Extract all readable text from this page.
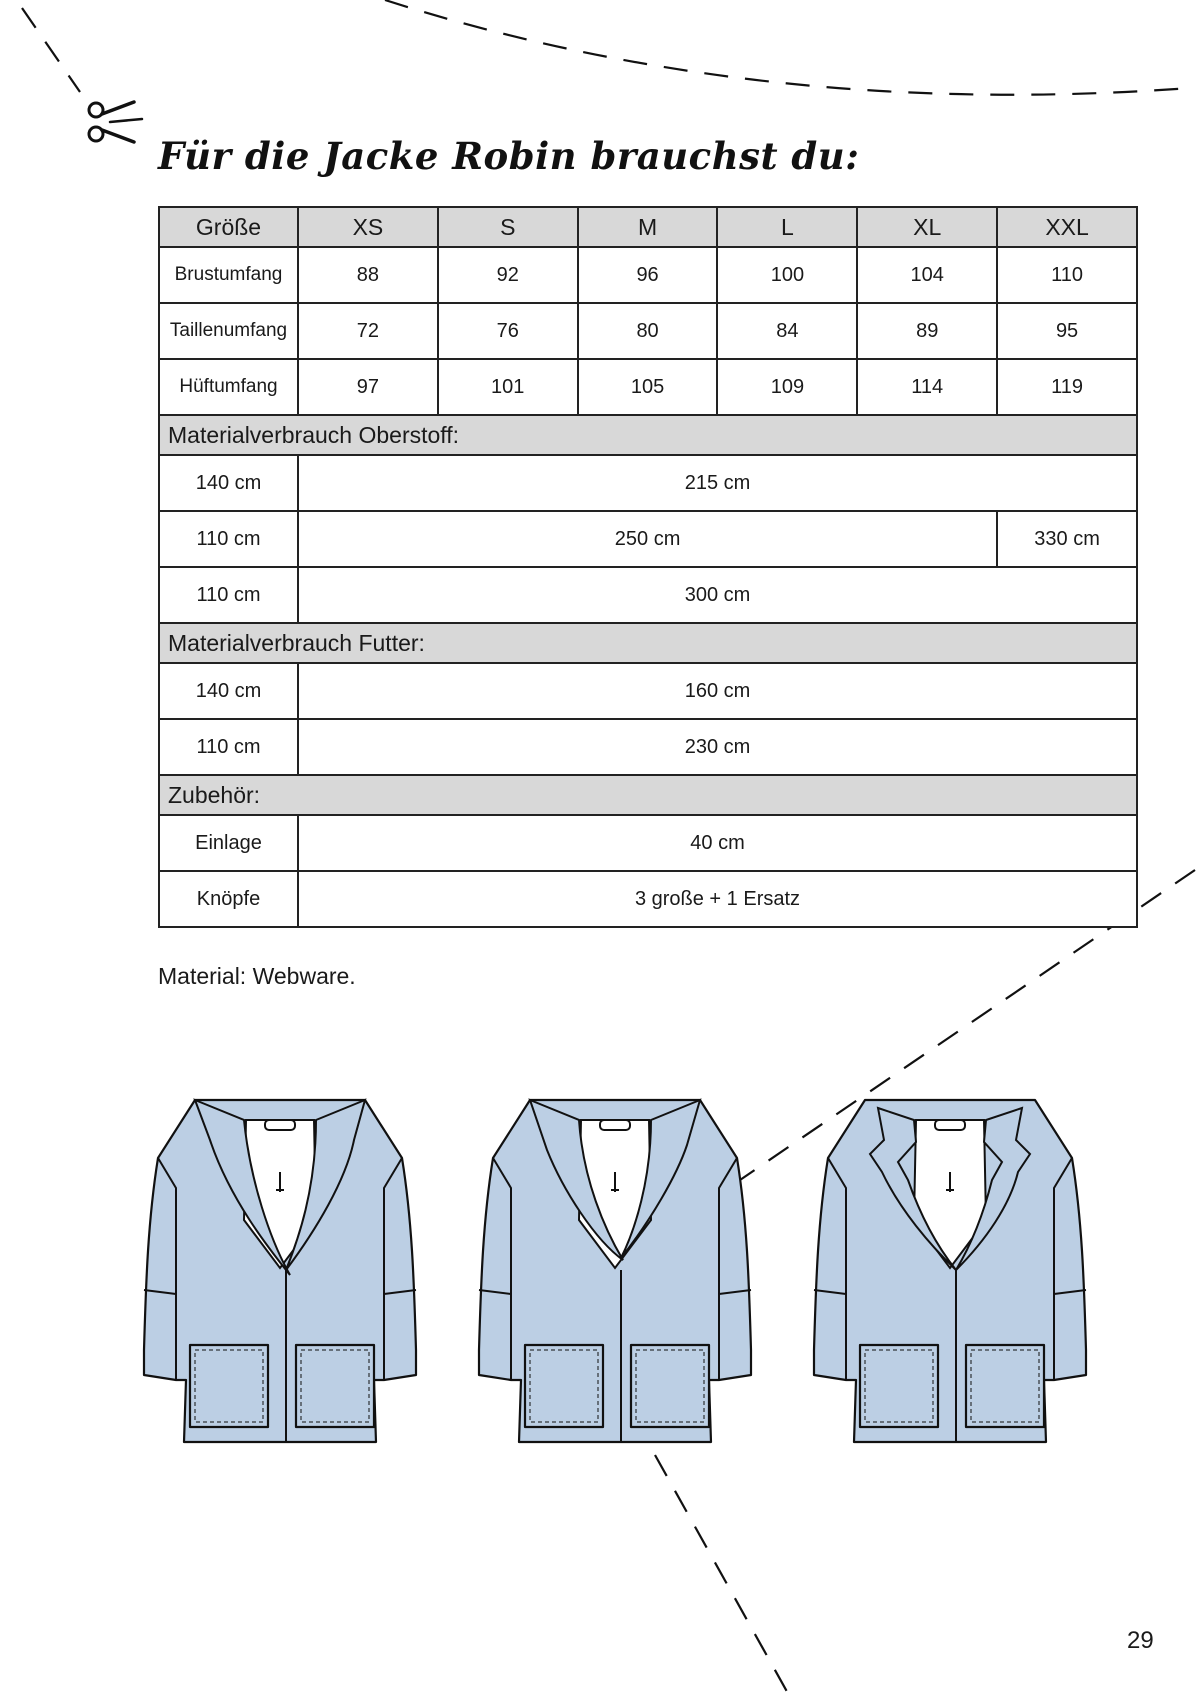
Für die Jacke Robin brauchst du:
Größe	XS	S	M	L	XL	XXL
Brustumfang	88	92	96	100	104	110
Taillenumfang	72	76	80	84	89	95
Hüftumfang	97	101	105	109	114	119
Materialverbrauch Oberstoff:						
140 cm	215 cm					
110 cm	250 cm					330 cm
110 cm	300 cm					
Materialverbrauch Futter:						
140 cm	160 cm					
110 cm	230 cm					
Zubehör:						
Einlage	40 cm					
Knöpfe	3 große + 1 Ersatz					

Material: Webware.

29
